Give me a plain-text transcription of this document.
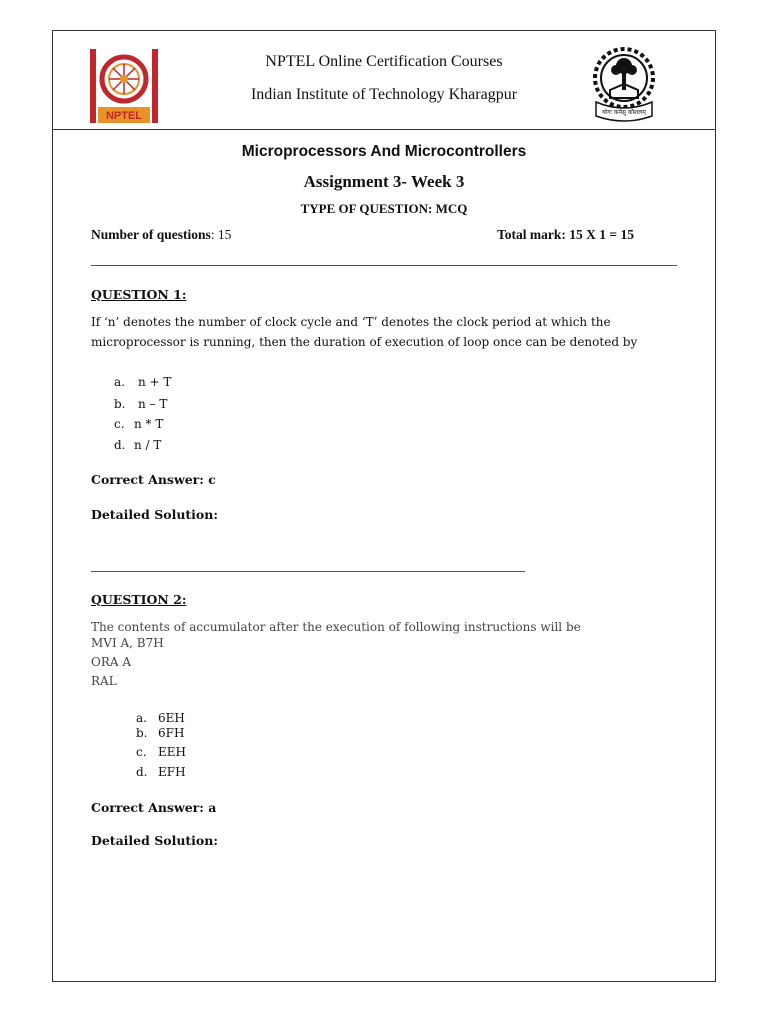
NPTEL	योगः कर्मसु कौशलम्
NPTEL Online Certification Courses
Indian Institute of Technology Kharagpur
Microprocessors And Microcontrollers
Assignment 3- Week 3
TYPE OF QUESTION: MCQ
Number of questions: 15	Total mark: 15 X 1 = 15
QUESTION 1:
If ‘n’ denotes the number of clock cycle and ‘T’ denotes the clock period at which the
microprocessor is running, then the duration of execution of loop once can be denoted by
a. n + T
b. n – T
c. n * T
d. n / T
Correct Answer: c
Detailed Solution:
QUESTION 2:
The contents of accumulator after the execution of following instructions will be
MVI A, B7H
ORA A
RAL
a. 6EH
b. 6FH
c. EEH
d. EFH
Correct Answer: a
Detailed Solution:
